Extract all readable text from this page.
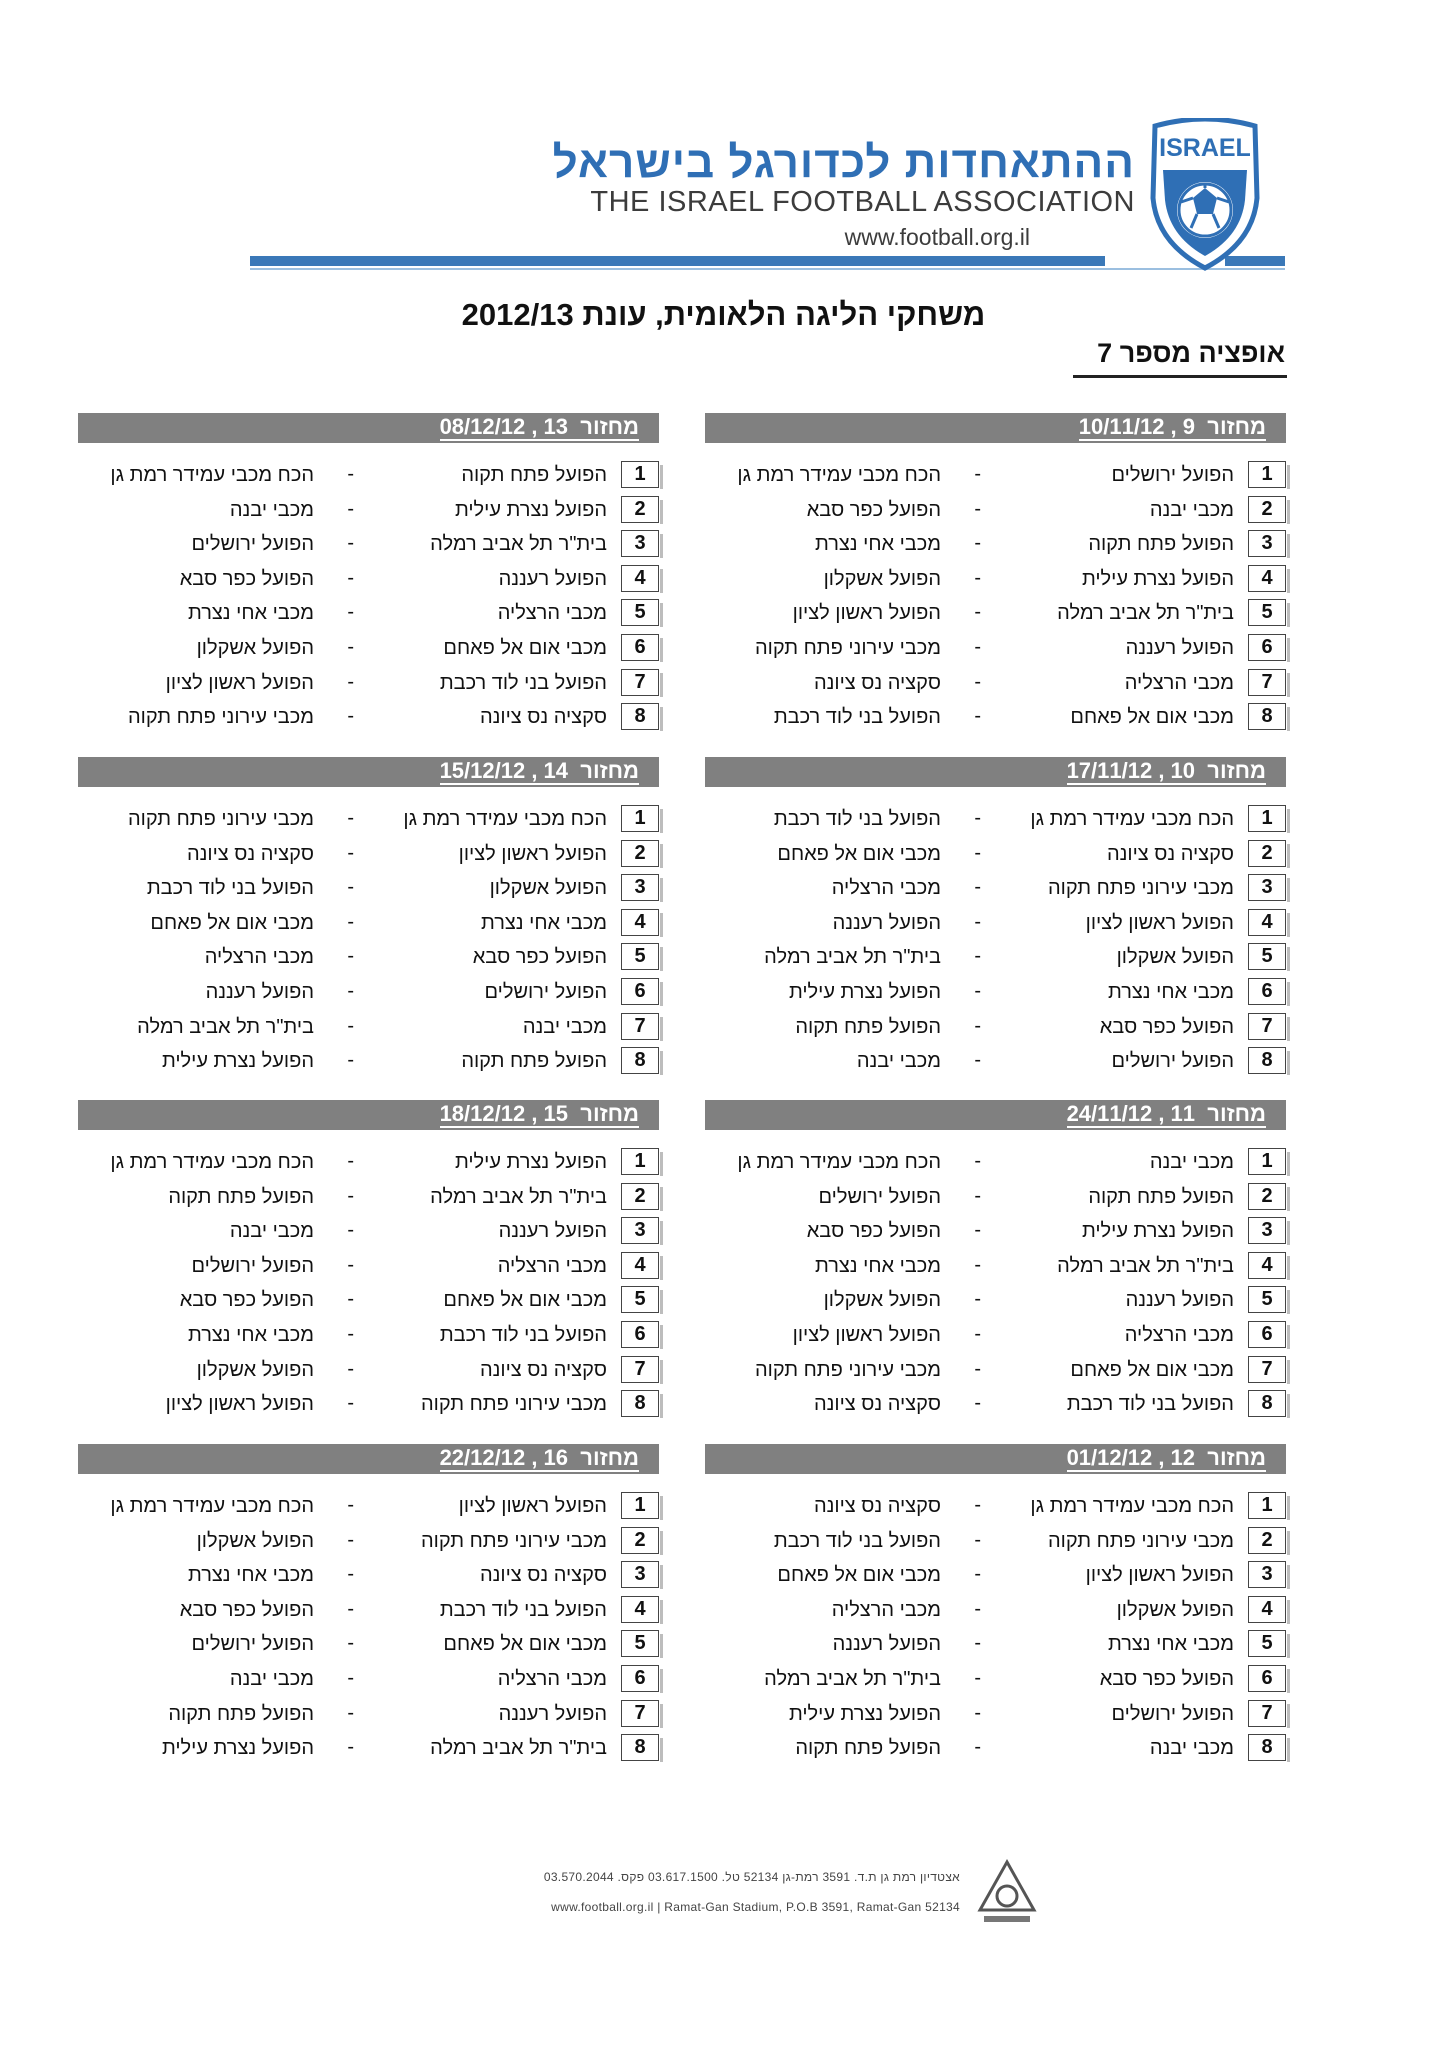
ההתאחדות לכדורגל בישראל
THE ISRAEL FOOTBALL ASSOCIATION
www.football.org.il
ISRAEL
משחקי הליגה הלאומית, עונת 2012/13
אופציה מספר 7
מחזור  9 , 10/11/12
1
הפועל ירושלים
-
הכח מכבי עמידר רמת גן
2
מכבי יבנה
-
הפועל כפר סבא
3
הפועל פתח תקוה
-
מכבי אחי נצרת
4
הפועל נצרת עילית
-
הפועל אשקלון
5
בית"ר תל אביב רמלה
-
הפועל ראשון לציון
6
הפועל רעננה
-
מכבי עירוני פתח תקוה
7
מכבי הרצליה
-
סקציה נס ציונה
8
מכבי אום אל פאחם
-
הפועל בני לוד רכבת
מחזור  13 , 08/12/12
1
הפועל פתח תקוה
-
הכח מכבי עמידר רמת גן
2
הפועל נצרת עילית
-
מכבי יבנה
3
בית"ר תל אביב רמלה
-
הפועל ירושלים
4
הפועל רעננה
-
הפועל כפר סבא
5
מכבי הרצליה
-
מכבי אחי נצרת
6
מכבי אום אל פאחם
-
הפועל אשקלון
7
הפועל בני לוד רכבת
-
הפועל ראשון לציון
8
סקציה נס ציונה
-
מכבי עירוני פתח תקוה
מחזור  10 , 17/11/12
1
הכח מכבי עמידר רמת גן
-
הפועל בני לוד רכבת
2
סקציה נס ציונה
-
מכבי אום אל פאחם
3
מכבי עירוני פתח תקוה
-
מכבי הרצליה
4
הפועל ראשון לציון
-
הפועל רעננה
5
הפועל אשקלון
-
בית"ר תל אביב רמלה
6
מכבי אחי נצרת
-
הפועל נצרת עילית
7
הפועל כפר סבא
-
הפועל פתח תקוה
8
הפועל ירושלים
-
מכבי יבנה
מחזור  14 , 15/12/12
1
הכח מכבי עמידר רמת גן
-
מכבי עירוני פתח תקוה
2
הפועל ראשון לציון
-
סקציה נס ציונה
3
הפועל אשקלון
-
הפועל בני לוד רכבת
4
מכבי אחי נצרת
-
מכבי אום אל פאחם
5
הפועל כפר סבא
-
מכבי הרצליה
6
הפועל ירושלים
-
הפועל רעננה
7
מכבי יבנה
-
בית"ר תל אביב רמלה
8
הפועל פתח תקוה
-
הפועל נצרת עילית
מחזור  11 , 24/11/12
1
מכבי יבנה
-
הכח מכבי עמידר רמת גן
2
הפועל פתח תקוה
-
הפועל ירושלים
3
הפועל נצרת עילית
-
הפועל כפר סבא
4
בית"ר תל אביב רמלה
-
מכבי אחי נצרת
5
הפועל רעננה
-
הפועל אשקלון
6
מכבי הרצליה
-
הפועל ראשון לציון
7
מכבי אום אל פאחם
-
מכבי עירוני פתח תקוה
8
הפועל בני לוד רכבת
-
סקציה נס ציונה
מחזור  15 , 18/12/12
1
הפועל נצרת עילית
-
הכח מכבי עמידר רמת גן
2
בית"ר תל אביב רמלה
-
הפועל פתח תקוה
3
הפועל רעננה
-
מכבי יבנה
4
מכבי הרצליה
-
הפועל ירושלים
5
מכבי אום אל פאחם
-
הפועל כפר סבא
6
הפועל בני לוד רכבת
-
מכבי אחי נצרת
7
סקציה נס ציונה
-
הפועל אשקלון
8
מכבי עירוני פתח תקוה
-
הפועל ראשון לציון
מחזור  12 , 01/12/12
1
הכח מכבי עמידר רמת גן
-
סקציה נס ציונה
2
מכבי עירוני פתח תקוה
-
הפועל בני לוד רכבת
3
הפועל ראשון לציון
-
מכבי אום אל פאחם
4
הפועל אשקלון
-
מכבי הרצליה
5
מכבי אחי נצרת
-
הפועל רעננה
6
הפועל כפר סבא
-
בית"ר תל אביב רמלה
7
הפועל ירושלים
-
הפועל נצרת עילית
8
מכבי יבנה
-
הפועל פתח תקוה
מחזור  16 , 22/12/12
1
הפועל ראשון לציון
-
הכח מכבי עמידר רמת גן
2
מכבי עירוני פתח תקוה
-
הפועל אשקלון
3
סקציה נס ציונה
-
מכבי אחי נצרת
4
הפועל בני לוד רכבת
-
הפועל כפר סבא
5
מכבי אום אל פאחם
-
הפועל ירושלים
6
מכבי הרצליה
-
מכבי יבנה
7
הפועל רעננה
-
הפועל פתח תקוה
8
בית"ר תל אביב רמלה
-
הפועל נצרת עילית
אצטדיון רמת גן ת.ד. 3591 רמת-גן 52134 טל. 03.617.1500 פקס. 03.570.2044
www.football.org.il | Ramat-Gan Stadium, P.O.B 3591, Ramat-Gan 52134
